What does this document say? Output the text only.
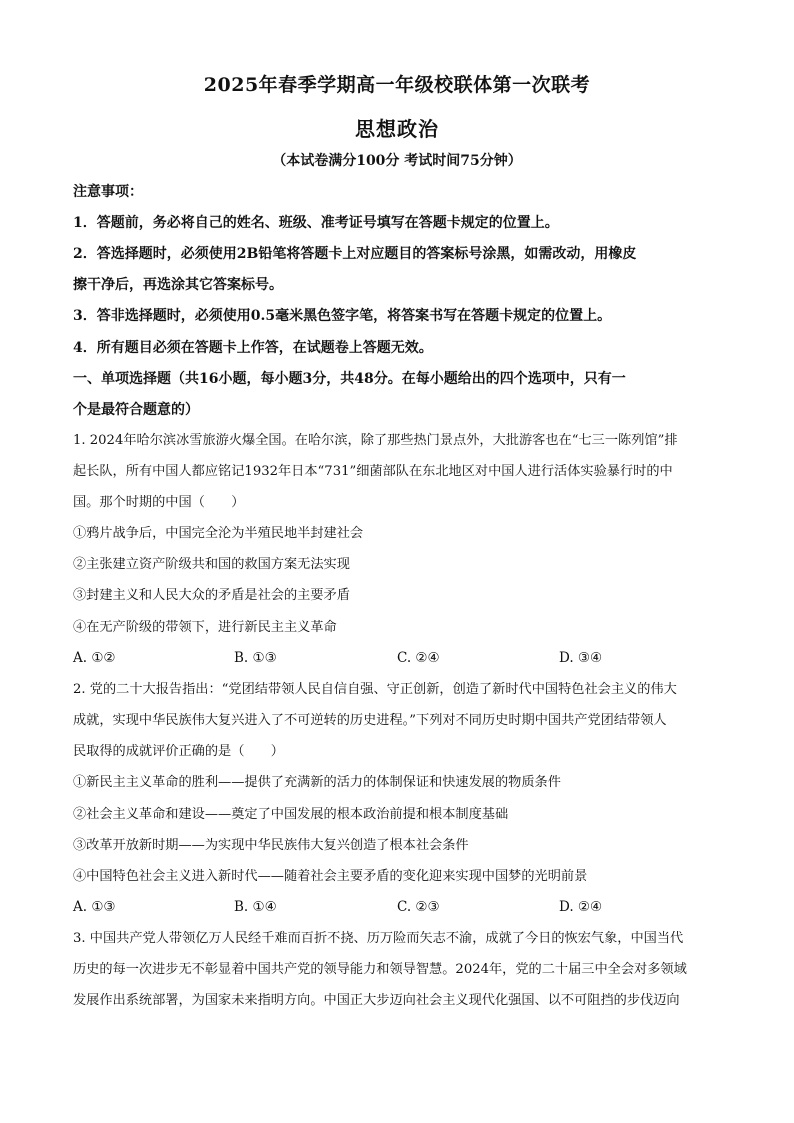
2025年春季学期高一年级校联体第一次联考
思想政治
（本试卷满分100分 考试时间75分钟）
注意事项：
1．答题前，务必将自己的姓名、班级、准考证号填写在答题卡规定的位置上。
2．答选择题时，必须使用2B铅笔将答题卡上对应题目的答案标号涂黑，如需改动，用橡皮
擦干净后，再选涂其它答案标号。
3．答非选择题时，必须使用0.5毫米黑色签字笔，将答案书写在答题卡规定的位置上。
4．所有题目必须在答题卡上作答，在试题卷上答题无效。
一、单项选择题（共16小题，每小题3分，共48分。在每小题给出的四个选项中，只有一
个是最符合题意的）
1. 2024年哈尔滨冰雪旅游火爆全国。在哈尔滨，除了那些热门景点外，大批游客也在“七三一陈列馆”排
起长队，所有中国人都应铭记1932年日本“731”细菌部队在东北地区对中国人进行活体实验暴行时的中
国。那个时期的中国（　　）
①鸦片战争后，中国完全沦为半殖民地半封建社会
②主张建立资产阶级共和国的救国方案无法实现
③封建主义和人民大众的矛盾是社会的主要矛盾
④在无产阶级的带领下，进行新民主主义革命
A. ①②	B. ①③	C. ②④	D. ③④
2. 党的二十大报告指出：“党团结带领人民自信自强、守正创新，创造了新时代中国特色社会主义的伟大
成就，实现中华民族伟大复兴进入了不可逆转的历史进程。”下列对不同历史时期中国共产党团结带领人
民取得的成就评价正确的是（　　）
①新民主主义革命的胜利——提供了充满新的活力的体制保证和快速发展的物质条件
②社会主义革命和建设——奠定了中国发展的根本政治前提和根本制度基础
③改革开放新时期——为实现中华民族伟大复兴创造了根本社会条件
④中国特色社会主义进入新时代——随着社会主要矛盾的变化迎来实现中国梦的光明前景
A. ①③	B. ①④	C. ②③	D. ②④
3. 中国共产党人带领亿万人民经千难而百折不挠、历万险而矢志不渝，成就了今日的恢宏气象，中国当代
历史的每一次进步无不彰显着中国共产党的领导能力和领导智慧。2024年，党的二十届三中全会对多领域
发展作出系统部署，为国家未来指明方向。中国正大步迈向社会主义现代化强国、以不可阻挡的步伐迈向
